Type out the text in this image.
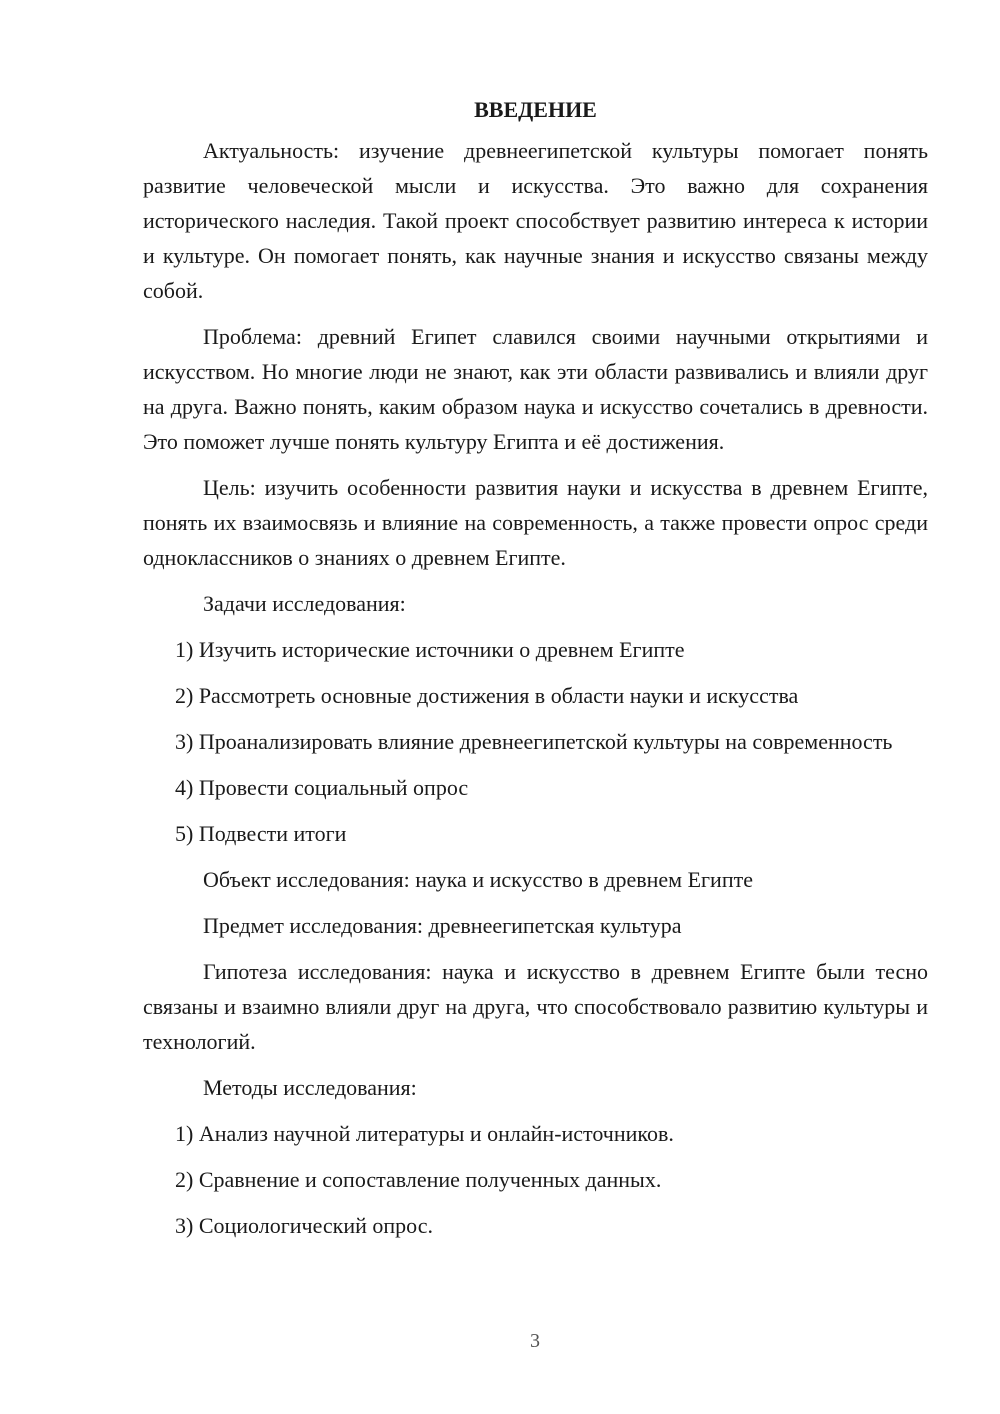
ВВЕДЕНИЕ
Актуальность: изучение древнеегипетской культуры помогает понять развитие человеческой мысли и искусства. Это важно для сохранения исторического наследия. Такой проект способствует развитию интереса к истории и культуре. Он помогает понять, как научные знания и искусство связаны между собой.
Проблема: древний Египет славился своими научными открытиями и искусством. Но многие люди не знают, как эти области развивались и влияли друг на друга. Важно понять, каким образом наука и искусство сочетались в древности. Это поможет лучше понять культуру Египта и её достижения.
Цель: изучить особенности развития науки и искусства в древнем Египте, понять их взаимосвязь и влияние на современность, а также провести опрос среди одноклассников о знаниях о древнем Египте.
Задачи исследования:
1) Изучить исторические источники о древнем Египте
2) Рассмотреть основные достижения в области науки и искусства
3) Проанализировать влияние древнеегипетской культуры на современность
4) Провести социальный опрос
5) Подвести итоги
Объект исследования: наука и искусство в древнем Египте
Предмет исследования: древнеегипетская культура
Гипотеза исследования: наука и искусство в древнем Египте были тесно связаны и взаимно влияли друг на друга, что способствовало развитию культуры и технологий.
Методы исследования:
1) Анализ научной литературы и онлайн-источников.
2) Сравнение и сопоставление полученных данных.
3) Социологический опрос.
3
